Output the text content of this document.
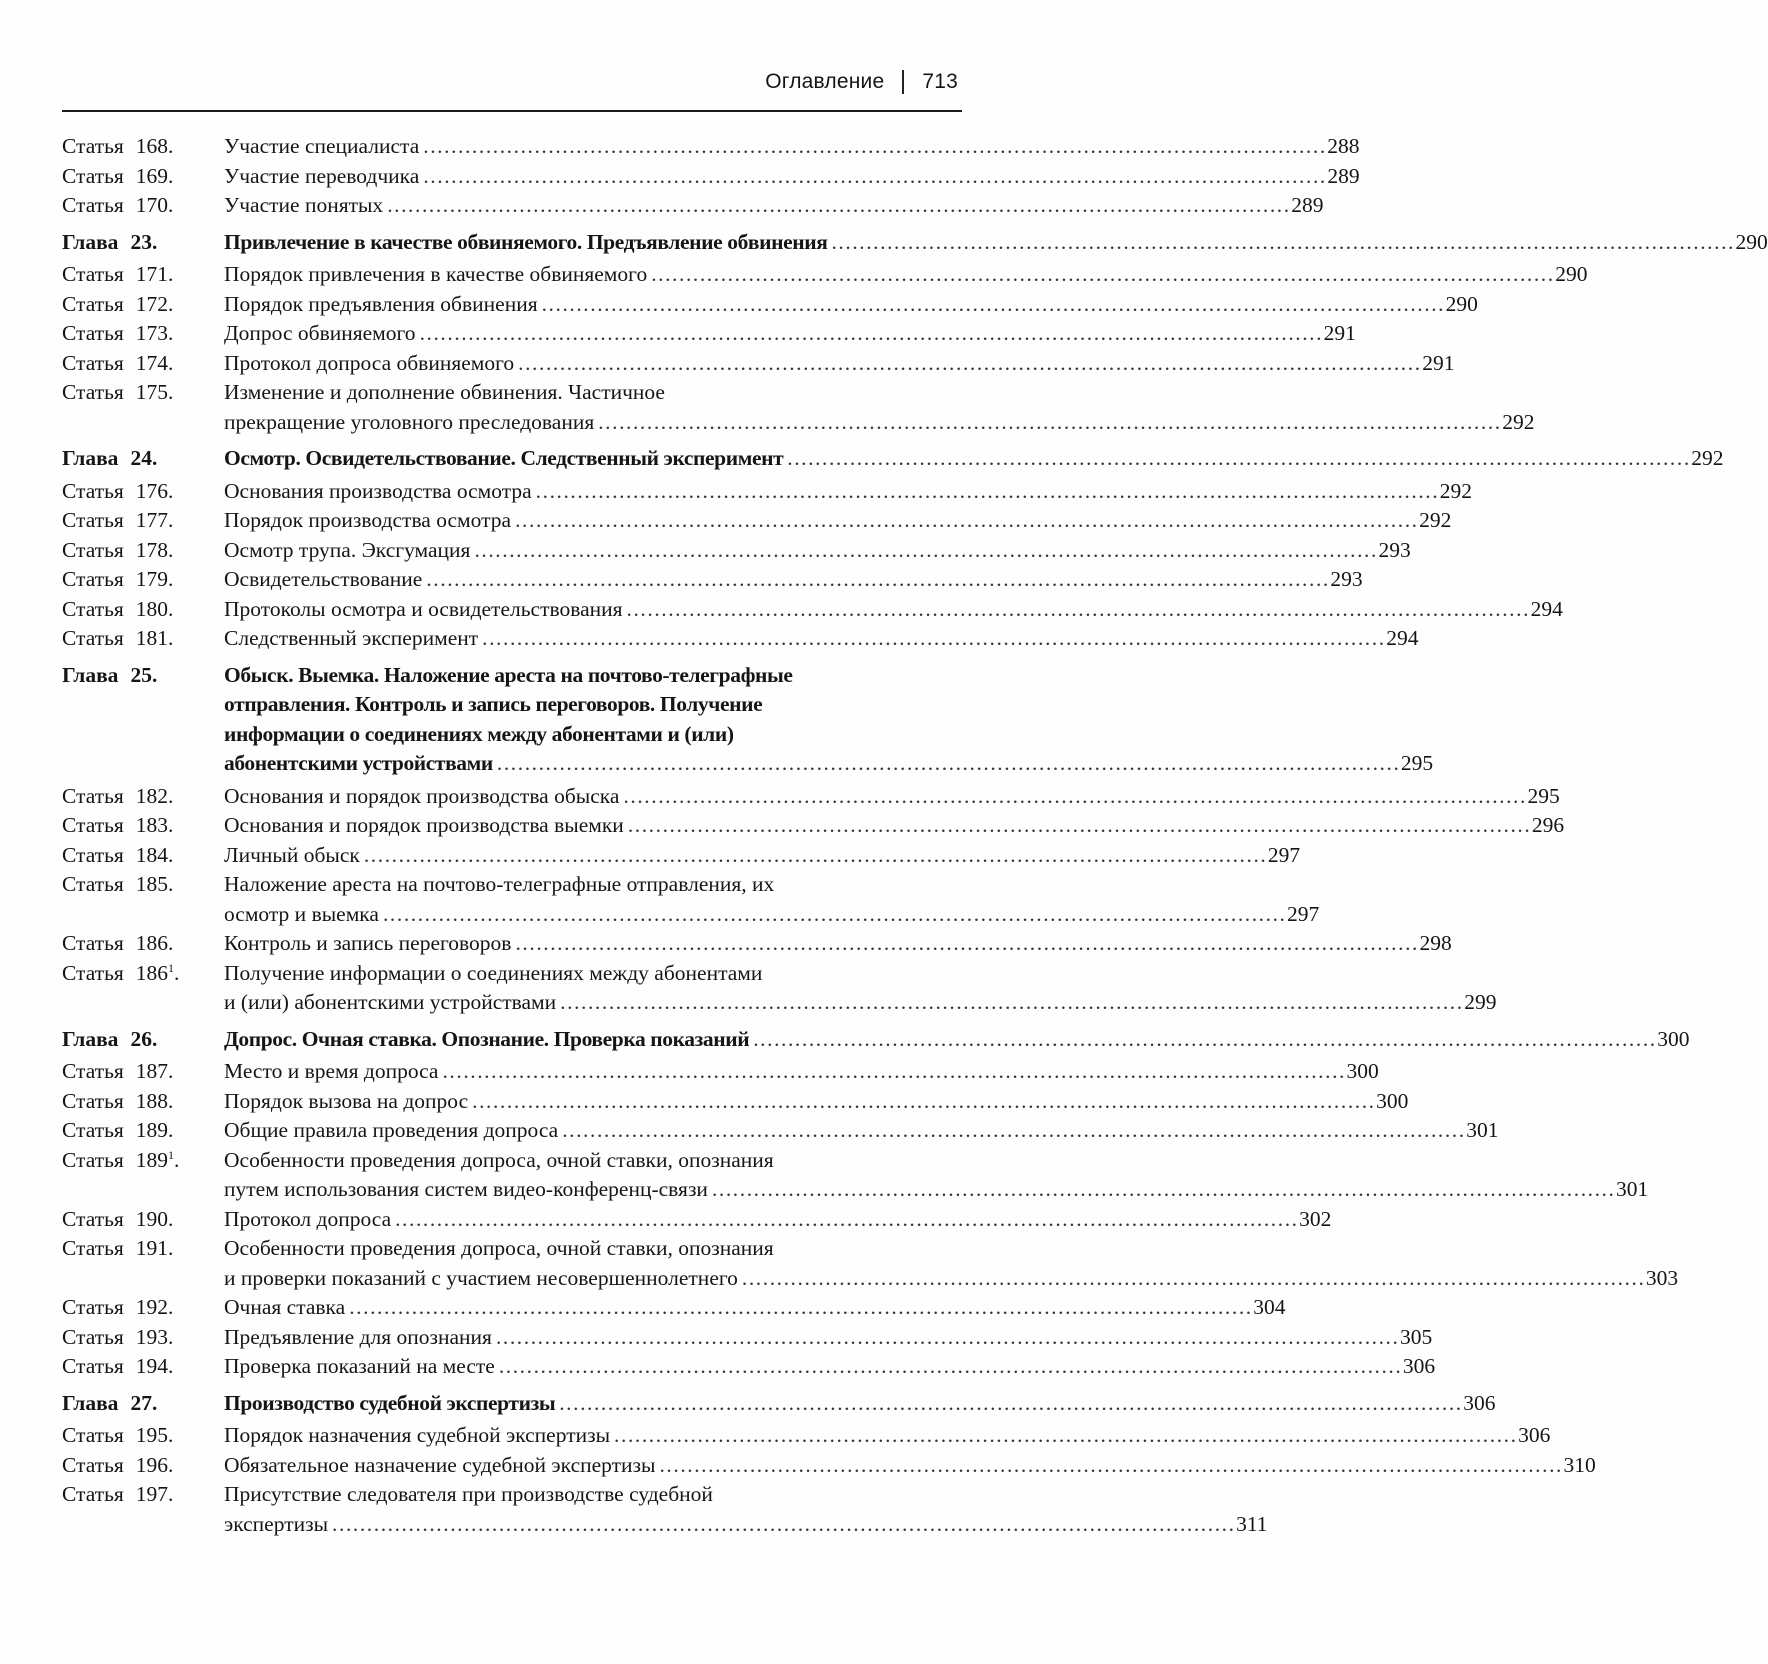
Оглавление 713
Статья 168.	Участие специалиста . . .	288
Статья 169.	Участие переводчика . . .	289
Статья 170.	Участие понятых . . .	289
Глава 23.	Привлечение в качестве обвиняемого. Предъявление обвинения . . .	290
Статья 171.	Порядок привлечения в качестве обвиняемого . . .	290
Статья 172.	Порядок предъявления обвинения . . .	290
Статья 173.	Допрос обвиняемого . . .	291
Статья 174.	Протокол допроса обвиняемого . . .	291
Статья 175.	Изменение и дополнение обвинения. Частичное
прекращение уголовного преследования . . .	292
Глава 24.	Осмотр. Освидетельствование. Следственный эксперимент . . .	292
Статья 176.	Основания производства осмотра . . .	292
Статья 177.	Порядок производства осмотра . . .	292
Статья 178.	Осмотр трупа. Эксгумация . . .	293
Статья 179.	Освидетельствование . . .	293
Статья 180.	Протоколы осмотра и освидетельствования . . .	294
Статья 181.	Следственный эксперимент . . .	294
Глава 25.	Обыск. Выемка. Наложение ареста на почтово-телеграфные
отправления. Контроль и запись переговоров. Получение
информации о соединениях между абонентами и (или)
абонентскими устройствами . . .	295
Статья 182.	Основания и порядок производства обыска . . .	295
Статья 183.	Основания и порядок производства выемки . . .	296
Статья 184.	Личный обыск . . .	297
Статья 185.	Наложение ареста на почтово-телеграфные отправления, их
осмотр и выемка . . .	297
Статья 186.	Контроль и запись переговоров . . .	298
Статья $186^1$.	Получение информации о соединениях между абонентами
и (или) абонентскими устройствами . . .	299
Глава 26.	Допрос. Очная ставка. Опознание. Проверка показаний . . .	300
Статья 187.	Место и время допроса . . .	300
Статья 188.	Порядок вызова на допрос . . .	300
Статья 189.	Общие правила проведения допроса . . .	301
Статья $189^1$.	Особенности проведения допроса, очной ставки, опознания
путем использования систем видео-конференц-связи . . .	301
Статья 190.	Протокол допроса . . .	302
Статья 191.	Особенности проведения допроса, очной ставки, опознания
и проверки показаний с участием несовершеннолетнего . . .	303
Статья 192.	Очная ставка . . .	304
Статья 193.	Предъявление для опознания . . .	305
Статья 194.	Проверка показаний на месте . . .	306
Глава 27.	Производство судебной экспертизы . . .	306
Статья 195.	Порядок назначения судебной экспертизы . . .	306
Статья 196.	Обязательное назначение судебной экспертизы . . .	310
Статья 197.	Присутствие следователя при производстве судебной
экспертизы . . .	311
